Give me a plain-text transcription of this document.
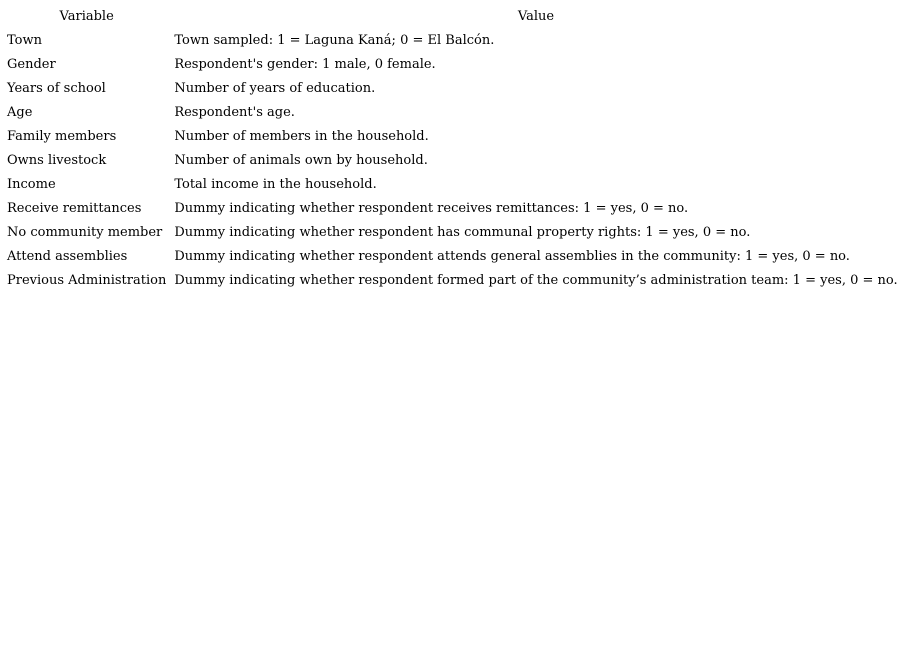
Variable	Value
Town	Town sampled: 1 = Laguna Kaná; 0 = El Balcón.
Gender	Respondent's gender: 1 male, 0 female.
Years of school	Number of years of education.
Age	Respondent's age.
Family members	Number of members in the household.
Owns livestock	Number of animals own by household.
Income	Total income in the household.
Receive remittances	Dummy indicating whether respondent receives remittances: 1 = yes, 0 = no.
No community member	Dummy indicating whether respondent has communal property rights: 1 = yes, 0 = no.
Attend assemblies	Dummy indicating whether respondent attends general assemblies in the community: 1 = yes, 0 = no.
Previous Administration	Dummy indicating whether respondent formed part of the community’s administration team: 1 = yes, 0 = no.
